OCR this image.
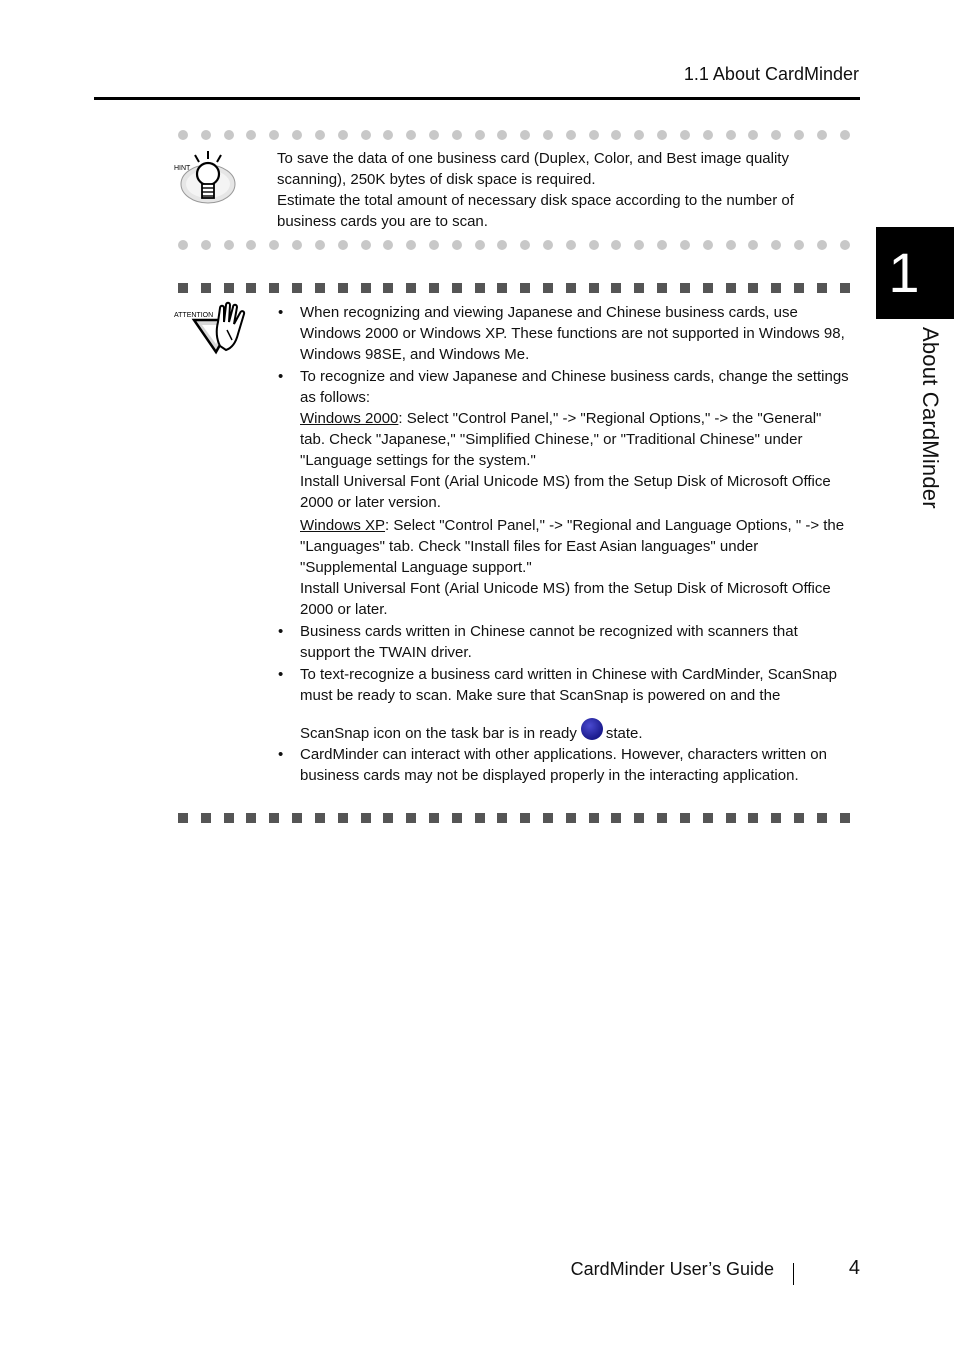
1.1 About CardMinder
1
About CardMinder
HINT
To save the data of one business card (Duplex, Color, and Best image quality scanning), 250K bytes of disk space is required.
Estimate the total amount of necessary disk space according to the number of business cards you are to scan.
ATTENTION	•	When recognizing and viewing Japanese and Chinese business cards, use Windows 2000 or Windows XP. These functions are not supported in Windows 98, Windows 98SE, and Windows Me.
•	To recognize and view Japanese and Chinese business cards, change the settings as follows:
Windows 2000: Select "Control Panel," -> "Regional Options," -> the "General" tab. Check "Japanese," "Simplified Chinese," or "Traditional Chinese" under "Language settings for the system."
Install Universal Font (Arial Unicode MS) from the Setup Disk of Microsoft Office 2000 or later version.
Windows XP: Select "Control Panel," -> "Regional and Language Options, " -> the "Languages" tab. Check "Install files for East Asian languages" under "Supplemental Language support."
Install Universal Font (Arial Unicode MS) from the Setup Disk of Microsoft Office 2000 or later.
•	Business cards written in Chinese cannot be recognized with scanners that support the TWAIN driver.
•	To text-recognize a business card written in Chinese with CardMinder, ScanSnap must be ready to scan. Make sure that ScanSnap is powered on and the
ScanSnap icon on the task bar is in ready state.
•	CardMinder can interact with other applications. However, characters written on business cards may not be displayed properly in the interacting application.
CardMinder User’s Guide	4
